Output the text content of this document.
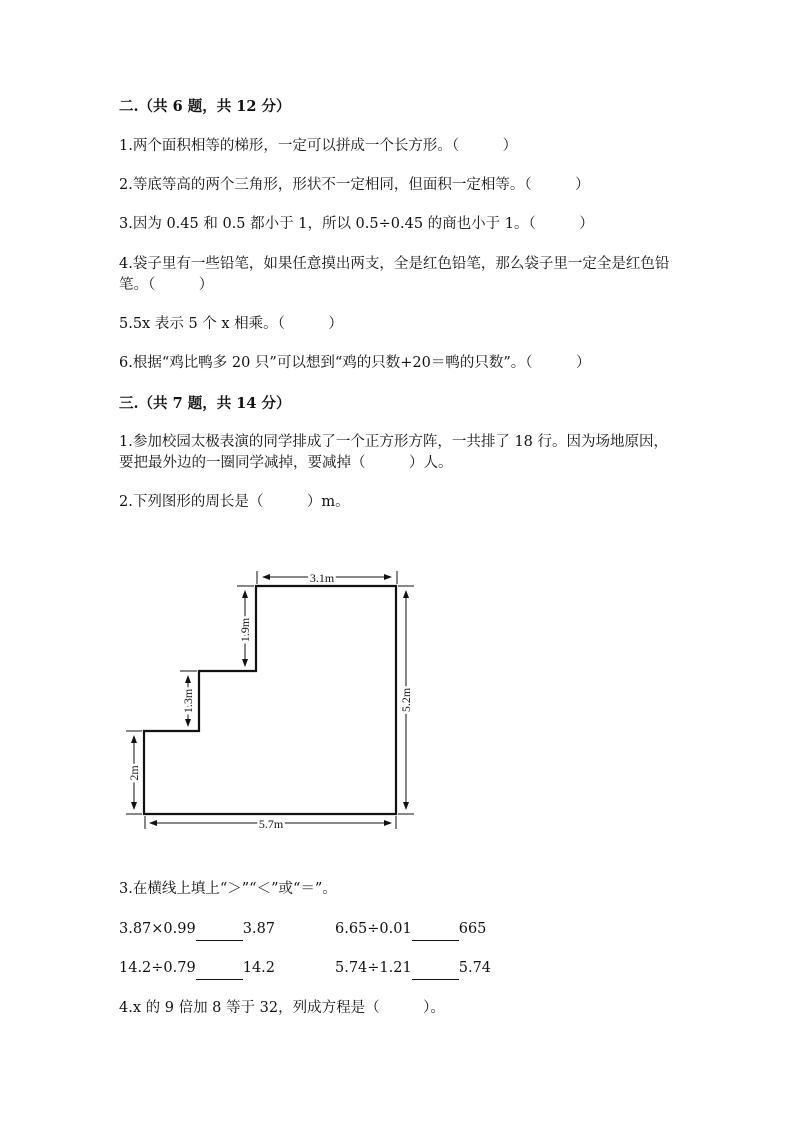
二.（共 6 题，共 12 分）
1.两个面积相等的梯形，一定可以拼成一个长方形。（　　　）
2.等底等高的两个三角形，形状不一定相同，但面积一定相等。（　　　）
3.因为 0.45 和 0.5 都小于 1，所以 0.5÷0.45 的商也小于 1。（　　　）
4.袋子里有一些铅笔，如果任意摸出两支，全是红色铅笔，那么袋子里一定全是红色铅笔。（　　　）
5.5x 表示 5 个 x 相乘。（　　　）
6.根据“鸡比鸭多 20 只”可以想到“鸡的只数+20＝鸭的只数”。（　　　）
三.（共 7 题，共 14 分）
1.参加校园太极表演的同学排成了一个正方形方阵，一共排了 18 行。因为场地原因，要把最外边的一圈同学减掉，要减掉（　　　）人。
2.下列图形的周长是（　　　）m。
3.1m
1.9m
1.3m
2m
5.2m
5.7m
3.在横线上填上“＞”“＜”或“＝”。
3.87×0.99	3.87	6.65÷0.01	665
14.2÷0.79	14.2	5.74÷1.21	5.74
4.x 的 9 倍加 8 等于 32，列成方程是（　　　）。
